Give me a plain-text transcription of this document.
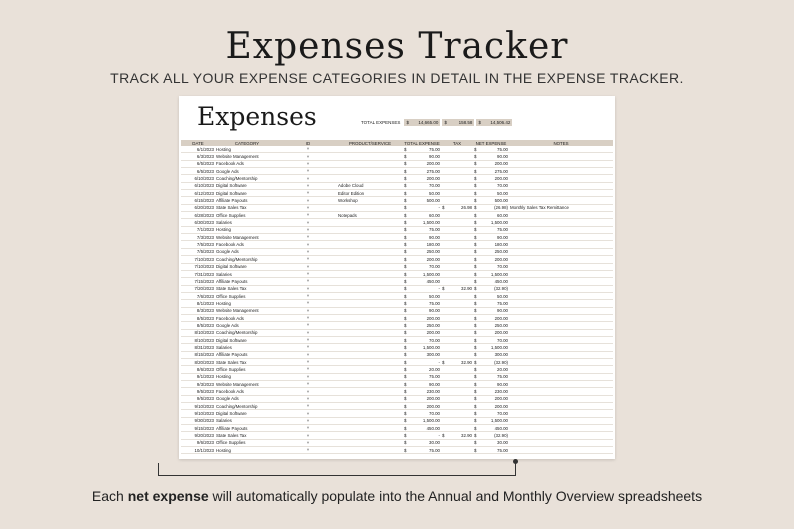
Expenses Tracker
TRACK ALL YOUR EXPENSE CATEGORIES IN DETAIL IN THE EXPENSE TRACKER.
Expenses	TOTAL EXPENSES $ 14,665.00 $	158.58 $ 14,506.42
DATE	CATEGORY	ID	PRODUCT/SERVICE	TOTAL EXPENSE	TAX	NET EXPENSE	NOTES
6/1/2023	Hosting	▾		$ 75.00		$ 75.00	

6/3/2023	Website Management	▾		$ 90.00		$ 90.00	

6/5/2023	Facebook Ads	▾		$ 200.00		$ 200.00	

6/5/2023	Google Ads	▾		$ 275.00		$ 275.00	

6/10/2023	Coaching/Mentorship	▾		$ 200.00		$ 200.00	

6/10/2023	Digital Software	▾	Adobe Cloud	$ 70.00		$ 70.00	

6/12/2023	Digital Software	▾	Editor Edition	$ 50.00		$ 50.00	

6/15/2023	Affiliate Payouts	▾	Workshop	$ 500.00		$ 500.00	

6/20/2023	State Sales Tax	▾		$ -	$ 26.98	$ (26.98)	Monthly Sales Tax Remittance
6/28/2023	Office Supplies	▾	Notepads	$ 60.00		$ 60.00	

6/30/2023	Salaries	▾		$ 1,500.00		$ 1,500.00	

7/1/2023	Hosting	▾		$ 75.00		$ 75.00	

7/3/2023	Website Management	▾		$ 90.00		$ 90.00	

7/5/2023	Facebook Ads	▾		$ 180.00		$ 180.00	

7/5/2023	Google Ads	▾		$ 250.00		$ 250.00	

7/10/2023	Coaching/Mentorship	▾		$ 200.00		$ 200.00	

7/10/2023	Digital Software	▾		$ 70.00		$ 70.00	

7/31/2023	Salaries	▾		$ 1,500.00		$ 1,500.00	

7/15/2023	Affiliate Payouts	▾		$ 450.00		$ 450.00	

7/20/2023	State Sales Tax	▾		$ -	$ 32.90	$ (32.90)	

7/6/2023	Office Supplies	▾		$ 50.00		$ 50.00	

8/1/2023	Hosting	▾		$ 75.00		$ 75.00	

8/3/2023	Website Management	▾		$ 90.00		$ 90.00	

8/5/2023	Facebook Ads	▾		$ 200.00		$ 200.00	

8/5/2023	Google Ads	▾		$ 250.00		$ 250.00	

8/10/2023	Coaching/Mentorship	▾		$ 200.00		$ 200.00	

8/10/2023	Digital Software	▾		$ 70.00		$ 70.00	

8/31/2023	Salaries	▾		$ 1,500.00		$ 1,500.00	

8/15/2023	Affiliate Payouts	▾		$ 300.00		$ 300.00	

8/20/2023	State Sales Tax	▾		$ -	$ 32.90	$ (32.90)	

8/6/2023	Office Supplies	▾		$ 20.00		$ 20.00	

9/1/2023	Hosting	▾		$ 75.00		$ 75.00	

9/3/2023	Website Management	▾		$ 90.00		$ 90.00	

9/5/2023	Facebook Ads	▾		$ 230.00		$ 230.00	

9/5/2023	Google Ads	▾		$ 200.00		$ 200.00	

9/10/2023	Coaching/Mentorship	▾		$ 200.00		$ 200.00	

9/10/2023	Digital Software	▾		$ 70.00		$ 70.00	

9/30/2023	Salaries	▾		$ 1,500.00		$ 1,500.00	

9/15/2023	Affiliate Payouts	▾		$ 450.00		$ 450.00	

9/20/2023	State Sales Tax	▾		$ -	$ 32.90	$ (32.90)	

9/6/2023	Office Supplies	▾		$ 30.00		$ 30.00	

10/1/2023	Hosting	▾		$ 75.00		$ 75.00	

Each net expense will automatically populate into the Annual and Monthly Overview spreadsheets
